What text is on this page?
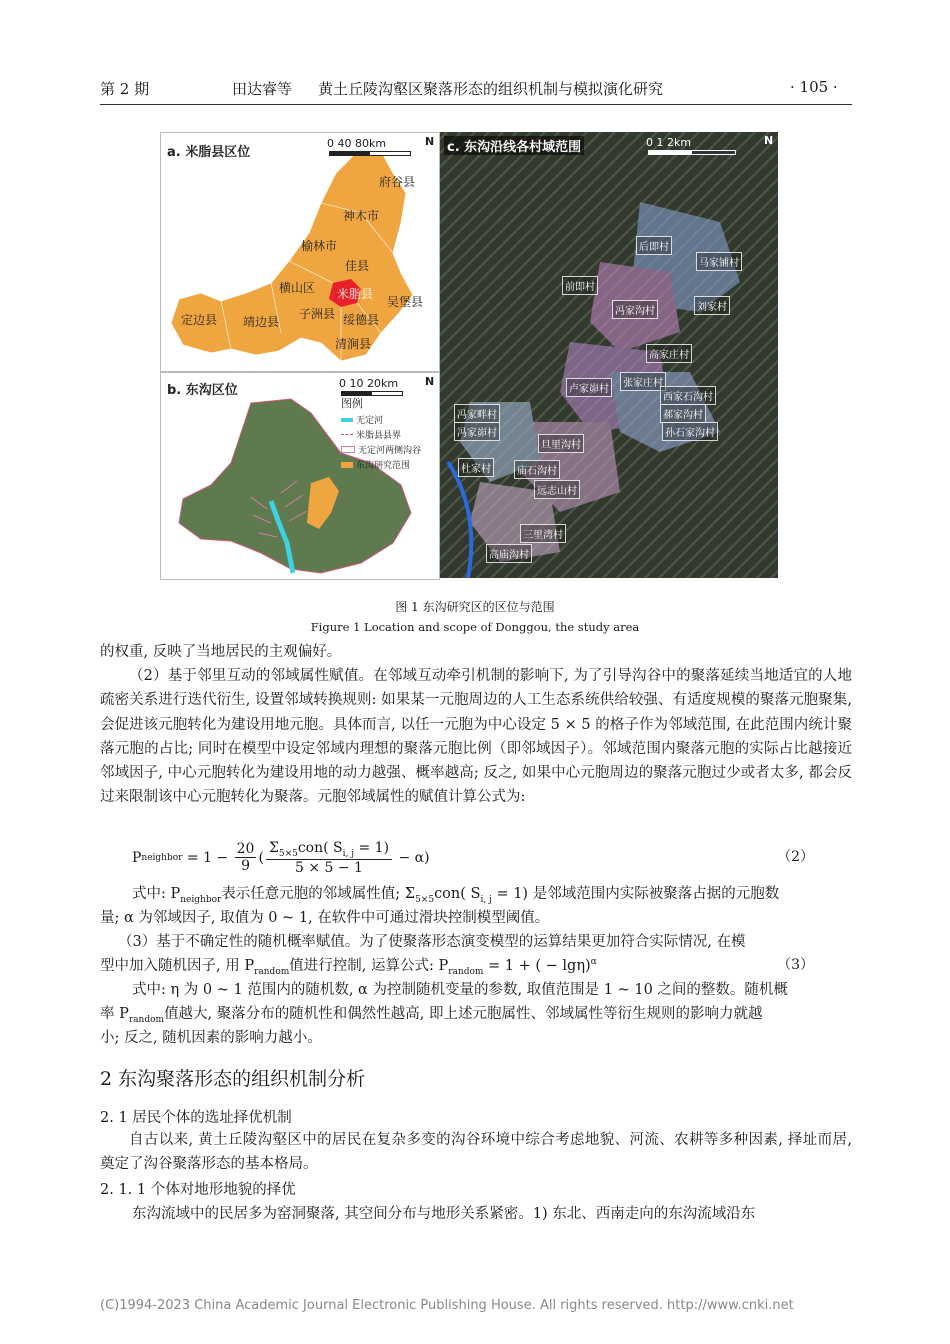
第 2 期	田达睿等 黄土丘陵沟壑区聚落形态的组织机制与模拟演化研究	· 105 ·
a. 米脂县区位
0 40 80km	N
府谷县
神木市
榆林市
佳县
横山区 米脂县
吴堡县
定边县 靖边县
子洲县 绥德县
清涧县
b. 东沟区位	0 10 20km N
图例
无定河
米脂县县界
无定河两侧沟谷
东沟研究范围
c. 东沟沿线各村域范围	0 1 2km	N
后即村
马家铺村
前即村
冯家沟村	刘家村
高家庄村
卢家峁村
张家庄村
西家石沟村
冯家畔村	郝家沟村
孙石家沟村
冯家峁村
庙石沟村
旦里沟村
杜家村
远志山村
三里湾村
高庙沟村
图 1 东沟研究区的区位与范围
Figure 1 Location and scope of Donggou, the study area
的权重, 反映了当地居民的主观偏好。
（2）基于邻里互动的邻域属性赋值。在邻域互动牵引机制的影响下, 为了引导沟谷中的聚落延续当地适宜的人地疏密关系进行迭代衍生, 设置邻域转换规则: 如果某一元胞周边的人工生态系统供给较强、有适度规模的聚落元胞聚集, 会促进该元胞转化为建设用地元胞。具体而言, 以任一元胞为中心设定 5 × 5 的格子作为邻域范围, 在此范围内统计聚落元胞的占比; 同时在模型中设定邻域内理想的聚落元胞比例（即邻域因子）。邻域范围内聚落元胞的实际占比越接近邻域因子, 中心元胞转化为建设用地的动力越强、概率越高; 反之, 如果中心元胞周边的聚落元胞过少或者太多, 都会反过来限制该中心元胞转化为聚落。元胞邻域属性的赋值计算公式为:
P neighbor = $1 - \frac{20}{9}$ (
$\Sigma_{5\times 5}con$( $S_{i, j} = 1$)
5 × 5 − 1
− α)	（2）
式中: $P_{neighbor}$表示任意元胞的邻域属性值; $\Sigma_{5\times 5}con$( $S_{i, j} = 1$) 是邻域范围内实际被聚落占据的元胞数
量; α 为邻域因子, 取值为 0 ~ 1, 在软件中可通过滑块控制模型阈值。
（3）基于不确定性的随机概率赋值。为了使聚落形态演变模型的运算结果更加符合实际情况, 在模
型中加入随机因子, 用 $P_{random}$值进行控制, 运算公式: $P_{random} = 1$ + ( − lgη)$^\alpha$	（3）
式中: η 为 0 ~ 1 范围内的随机数, α 为控制随机变量的参数, 取值范围是 1 ~ 10 之间的整数。随机概
率 $P_{random}$值越大, 聚落分布的随机性和偶然性越高, 即上述元胞属性、邻域属性等衍生规则的影响力就越
小; 反之, 随机因素的影响力越小。
2 东沟聚落形态的组织机制分析
2. 1 居民个体的选址择优机制
自古以来, 黄土丘陵沟壑区中的居民在复杂多变的沟谷环境中综合考虑地貌、河流、农耕等多种因素, 择址而居, 奠定了沟谷聚落形态的基本格局。
2. 1. 1 个体对地形地貌的择优
东沟流域中的民居多为窑洞聚落, 其空间分布与地形关系紧密。1) 东北、西南走向的东沟流域沿东
(C)1994-2023 China Academic Journal Electronic Publishing House. All rights reserved. http://www.cnki.net
